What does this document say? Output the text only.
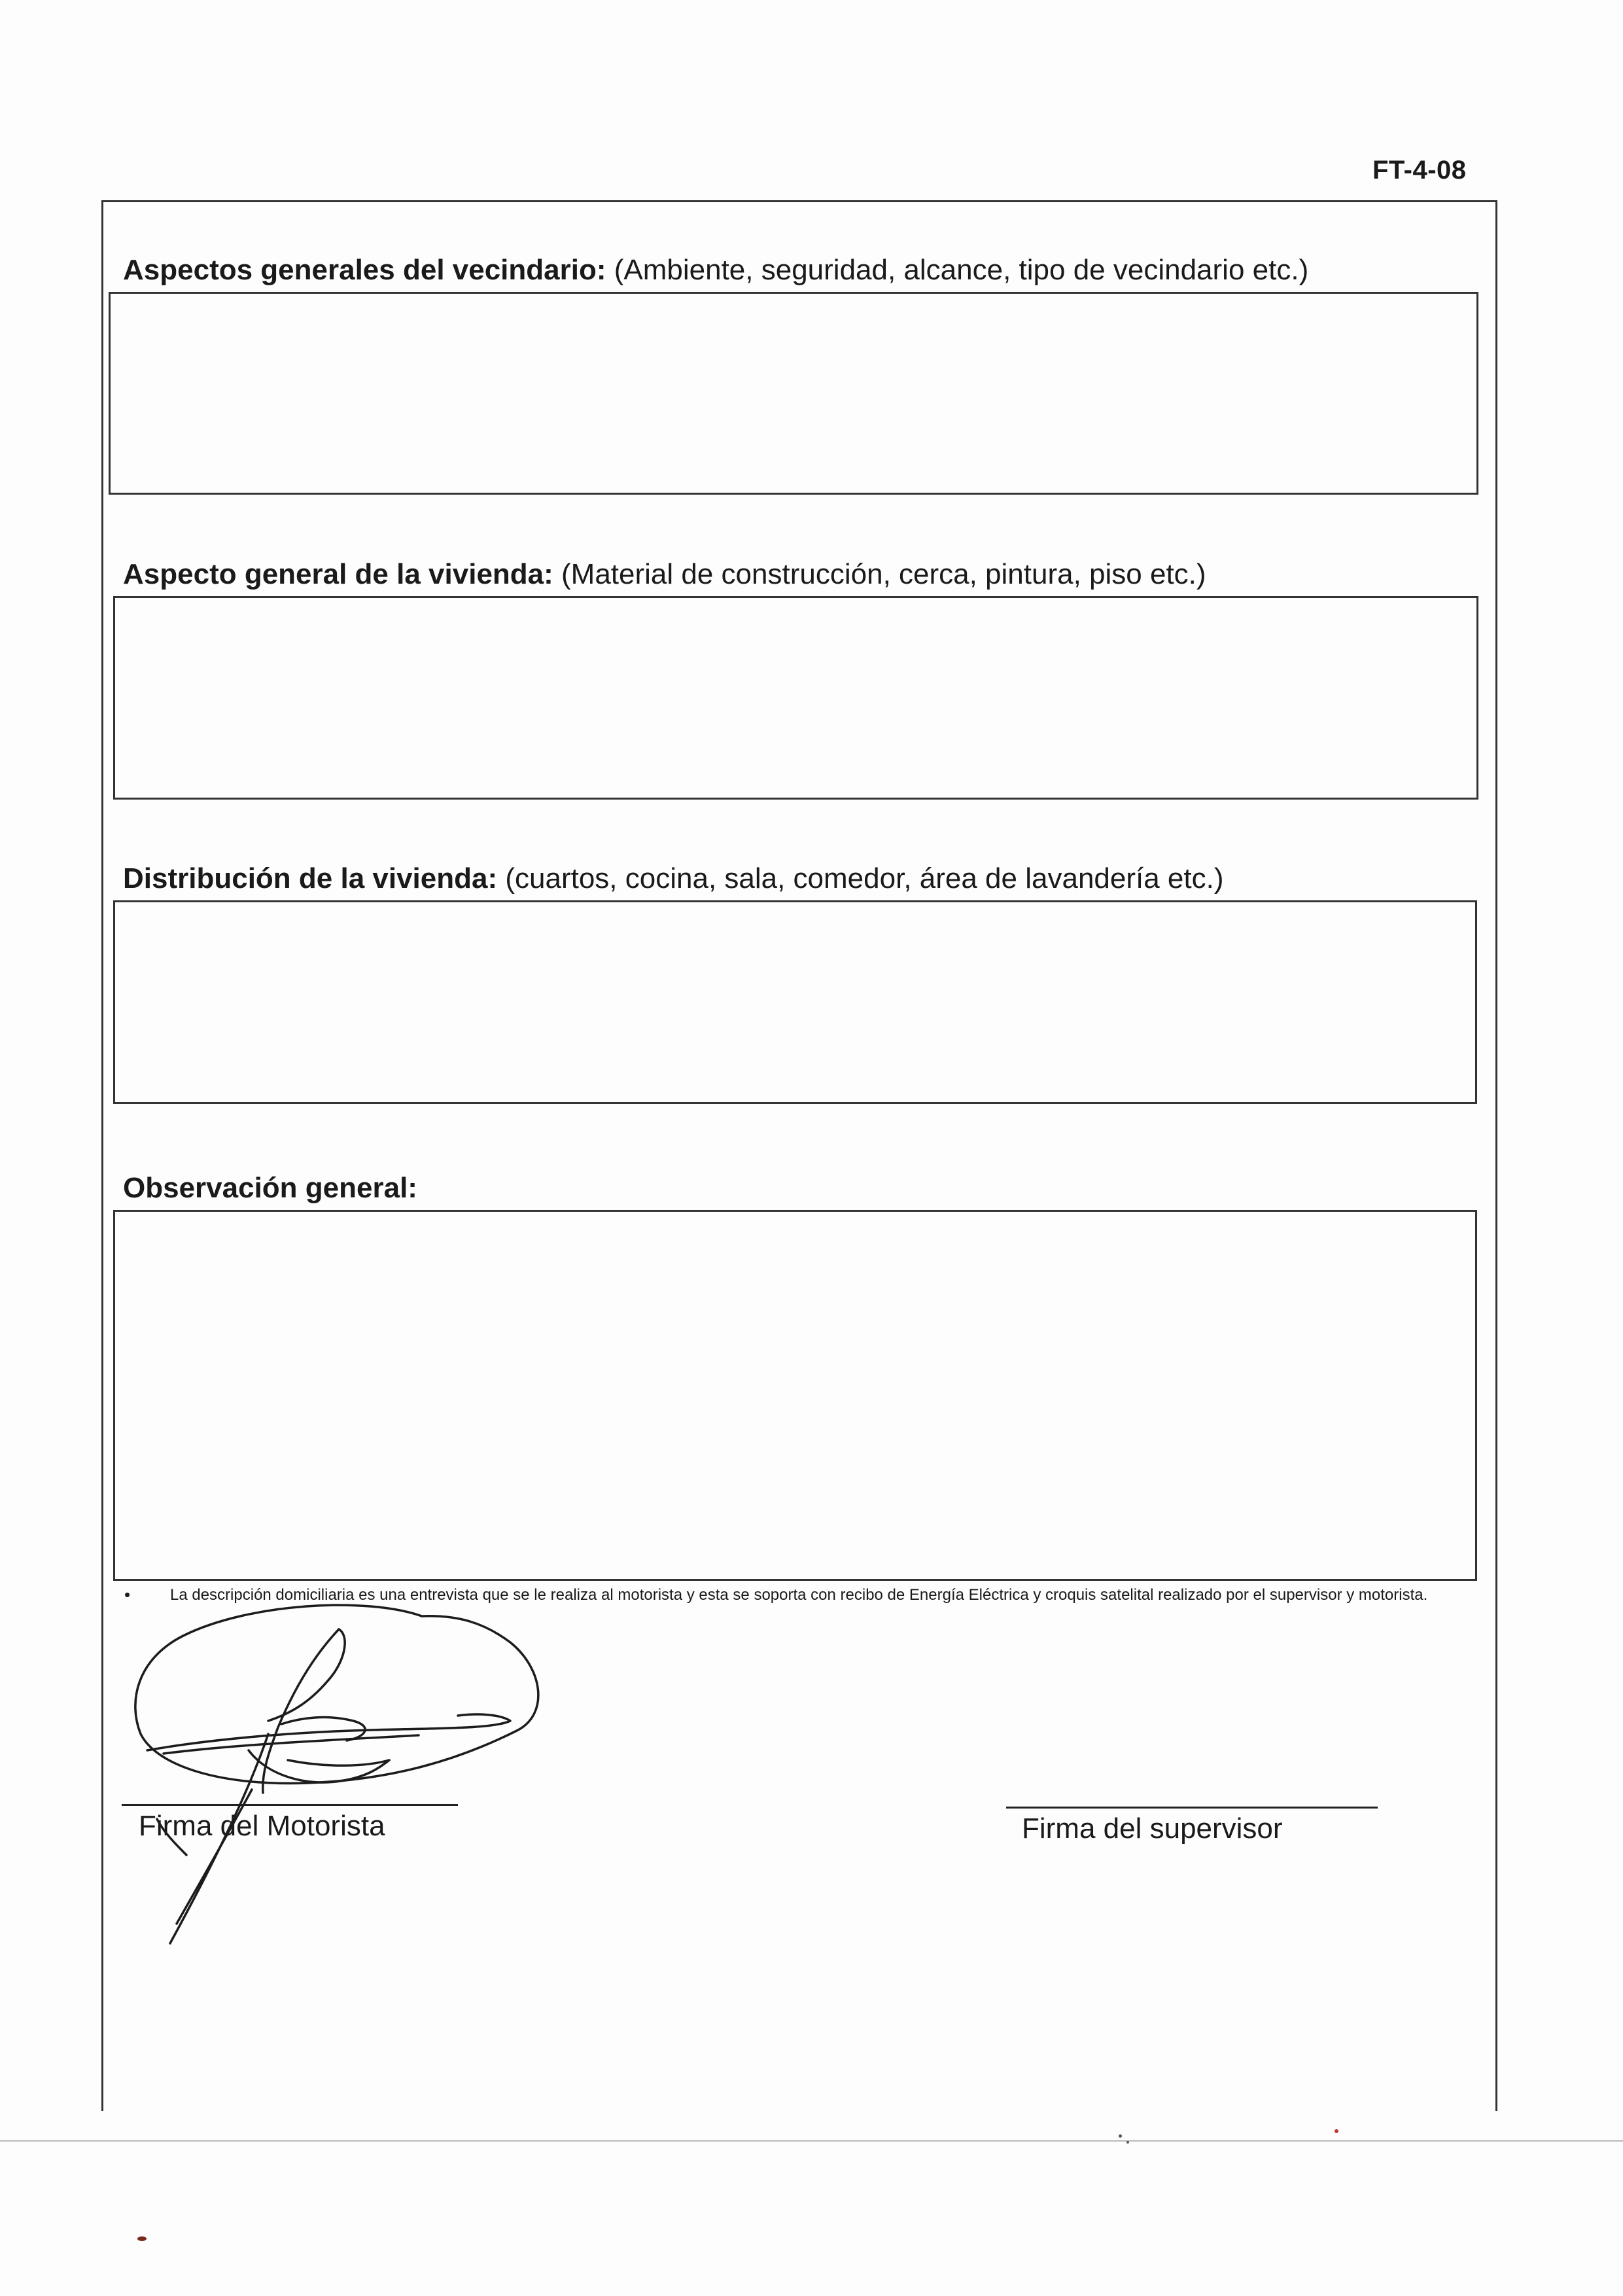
FT-4-08
Aspectos generales del vecindario: (Ambiente, seguridad, alcance, tipo de vecindario etc.)
Aspecto general de la vivienda: (Material de construcción, cerca, pintura, piso etc.)
Distribución de la vivienda: (cuartos, cocina, sala, comedor, área de lavandería etc.)
Observación general:
•	La descripción domiciliaria es una entrevista que se le realiza al motorista y esta se soporta con recibo de Energía Eléctrica y croquis satelital realizado por el supervisor y motorista.
Firma del Motorista	Firma del supervisor
